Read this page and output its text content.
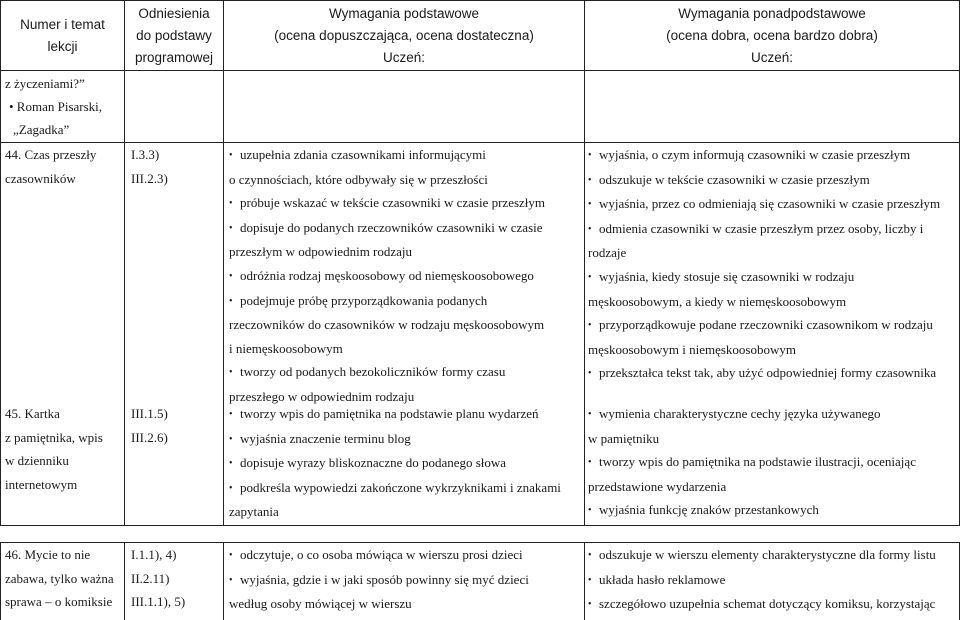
Numer i temat
lekcji
Odniesienia
do podstawy
programowej
Wymagania podstawowe
(ocena dopuszczająca, ocena dostateczna)
Uczeń:
Wymagania ponadpodstawowe
(ocena dobra, ocena bardzo dobra)
Uczeń:
z życzeniami?”
• Roman Pisarski,
„Zagadka”
44. Czas przeszły
czasowników
I.3.3)
III.2.3)
• uzupełnia zdania czasownikami informującymi
o czynnościach, które odbywały się w przeszłości
• próbuje wskazać w tekście czasowniki w czasie przeszłym
• dopisuje do podanych rzeczowników czasowniki w czasie
przeszłym w odpowiednim rodzaju
• odróżnia rodzaj męskoosobowy od niemęskoosobowego
• podejmuje próbę przyporządkowania podanych
rzeczowników do czasowników w rodzaju męskoosobowym
i niemęskoosobowym
• tworzy od podanych bezokoliczników formy czasu
przeszłego w odpowiednim rodzaju
• wyjaśnia, o czym informują czasowniki w czasie przeszłym
• odszukuje w tekście czasowniki w czasie przeszłym
• wyjaśnia, przez co odmieniają się czasowniki w czasie przeszłym
• odmienia czasowniki w czasie przeszłym przez osoby, liczby i
rodzaje
• wyjaśnia, kiedy stosuje się czasowniki w rodzaju
męskoosobowym, a kiedy w niemęskoosobowym
• przyporządkowuje podane rzeczowniki czasownikom w rodzaju
męskoosobowym i niemęskoosobowym
• przekształca tekst tak, aby użyć odpowiedniej formy czasownika
45. Kartka
z pamiętnika, wpis
w dzienniku
internetowym
III.1.5)
III.2.6)
• tworzy wpis do pamiętnika na podstawie planu wydarzeń
• wyjaśnia znaczenie terminu blog
• dopisuje wyrazy bliskoznaczne do podanego słowa
• podkreśla wypowiedzi zakończone wykrzyknikami i znakami
zapytania
• wymienia charakterystyczne cechy języka używanego
w pamiętniku
• tworzy wpis do pamiętnika na podstawie ilustracji, oceniając
przedstawione wydarzenia
• wyjaśnia funkcję znaków przestankowych
46. Mycie to nie
zabawa, tylko ważna
sprawa – o komiksie
I.1.1), 4)
II.2.11)
III.1.1), 5)
• odczytuje, o co osoba mówiąca w wierszu prosi dzieci
• wyjaśnia, gdzie i w jaki sposób powinny się myć dzieci
według osoby mówiącej w wierszu
• odszukuje w wierszu elementy charakterystyczne dla formy listu
• układa hasło reklamowe
• szczegółowo uzupełnia schemat dotyczący komiksu, korzystając
